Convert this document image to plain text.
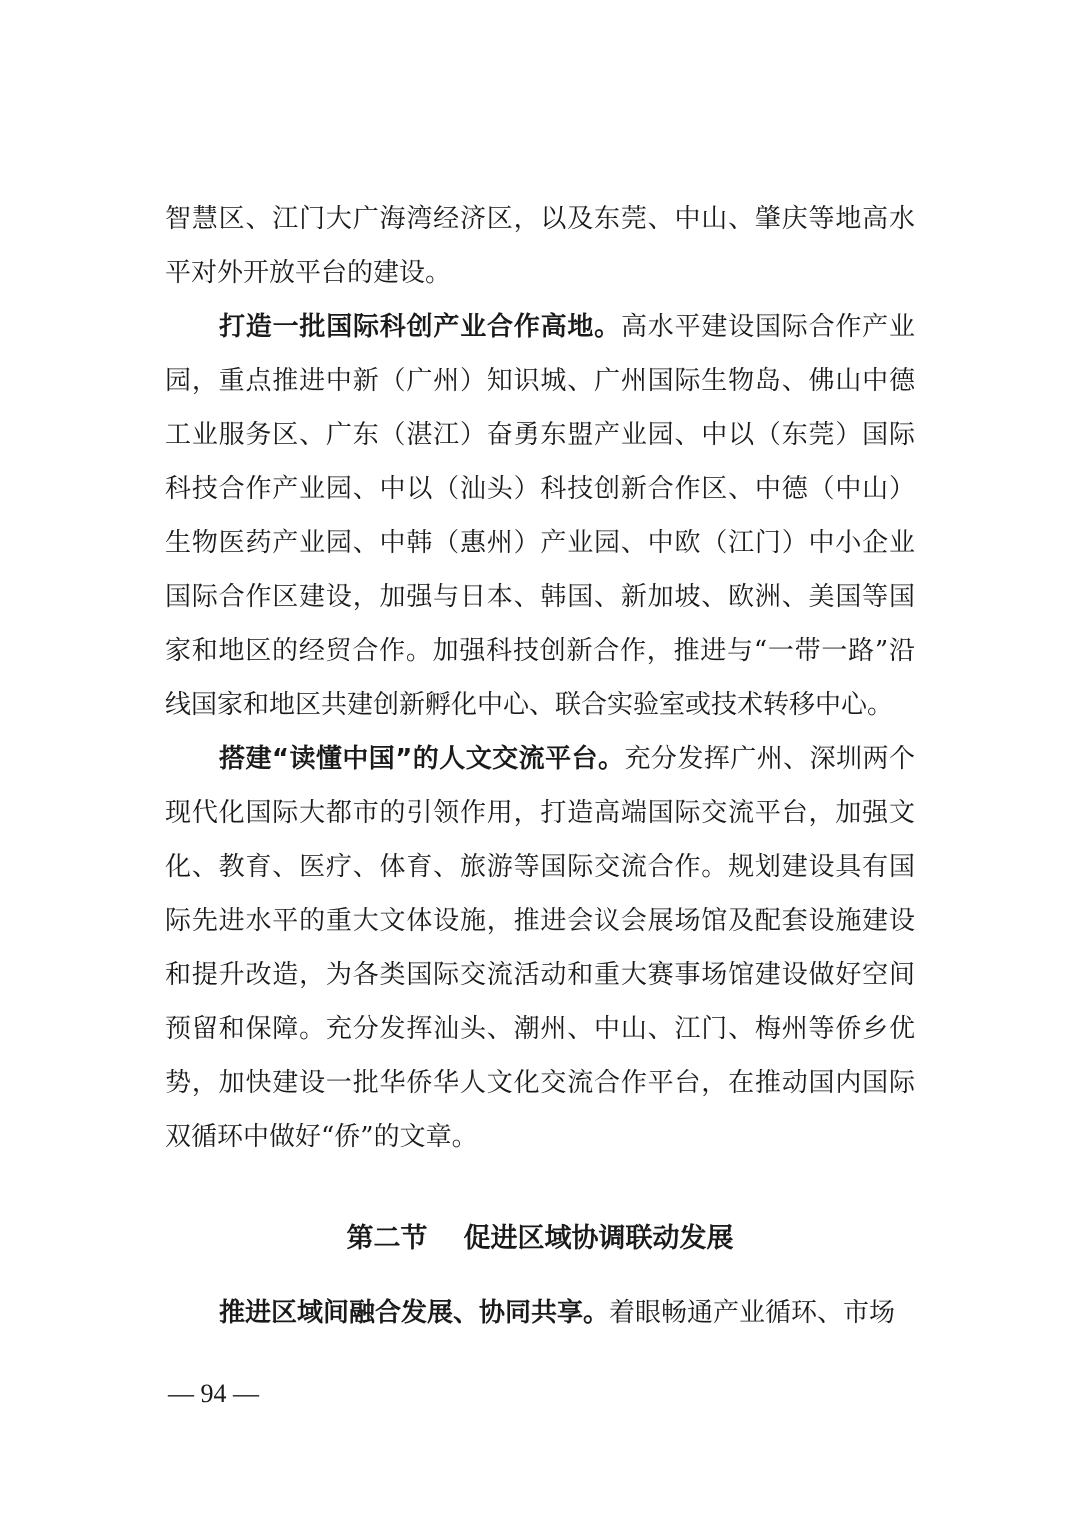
智慧区、江门大广海湾经济区，以及东莞、中山、肇庆等地高水
平对外开放平台的建设。
打造一批国际科创产业合作高地。高水平建设国际合作产业
园，重点推进中新（广州）知识城、广州国际生物岛、佛山中德
工业服务区、广东（湛江）奋勇东盟产业园、中以（东莞）国际
科技合作产业园、中以（汕头）科技创新合作区、中德（中山）
生物医药产业园、中韩（惠州）产业园、中欧（江门）中小企业
国际合作区建设，加强与日本、韩国、新加坡、欧洲、美国等国
家和地区的经贸合作。加强科技创新合作，推进与“一带一路”沿
线国家和地区共建创新孵化中心、联合实验室或技术转移中心。
搭建“读懂中国”的人文交流平台。充分发挥广州、深圳两个
现代化国际大都市的引领作用，打造高端国际交流平台，加强文
化、教育、医疗、体育、旅游等国际交流合作。规划建设具有国
际先进水平的重大文体设施，推进会议会展场馆及配套设施建设
和提升改造，为各类国际交流活动和重大赛事场馆建设做好空间
预留和保障。充分发挥汕头、潮州、中山、江门、梅州等侨乡优
势，加快建设一批华侨华人文化交流合作平台，在推动国内国际
双循环中做好“侨”的文章。
第二节 促进区域协调联动发展
推进区域间融合发展、协同共享。着眼畅通产业循环、市场
— 94 —
